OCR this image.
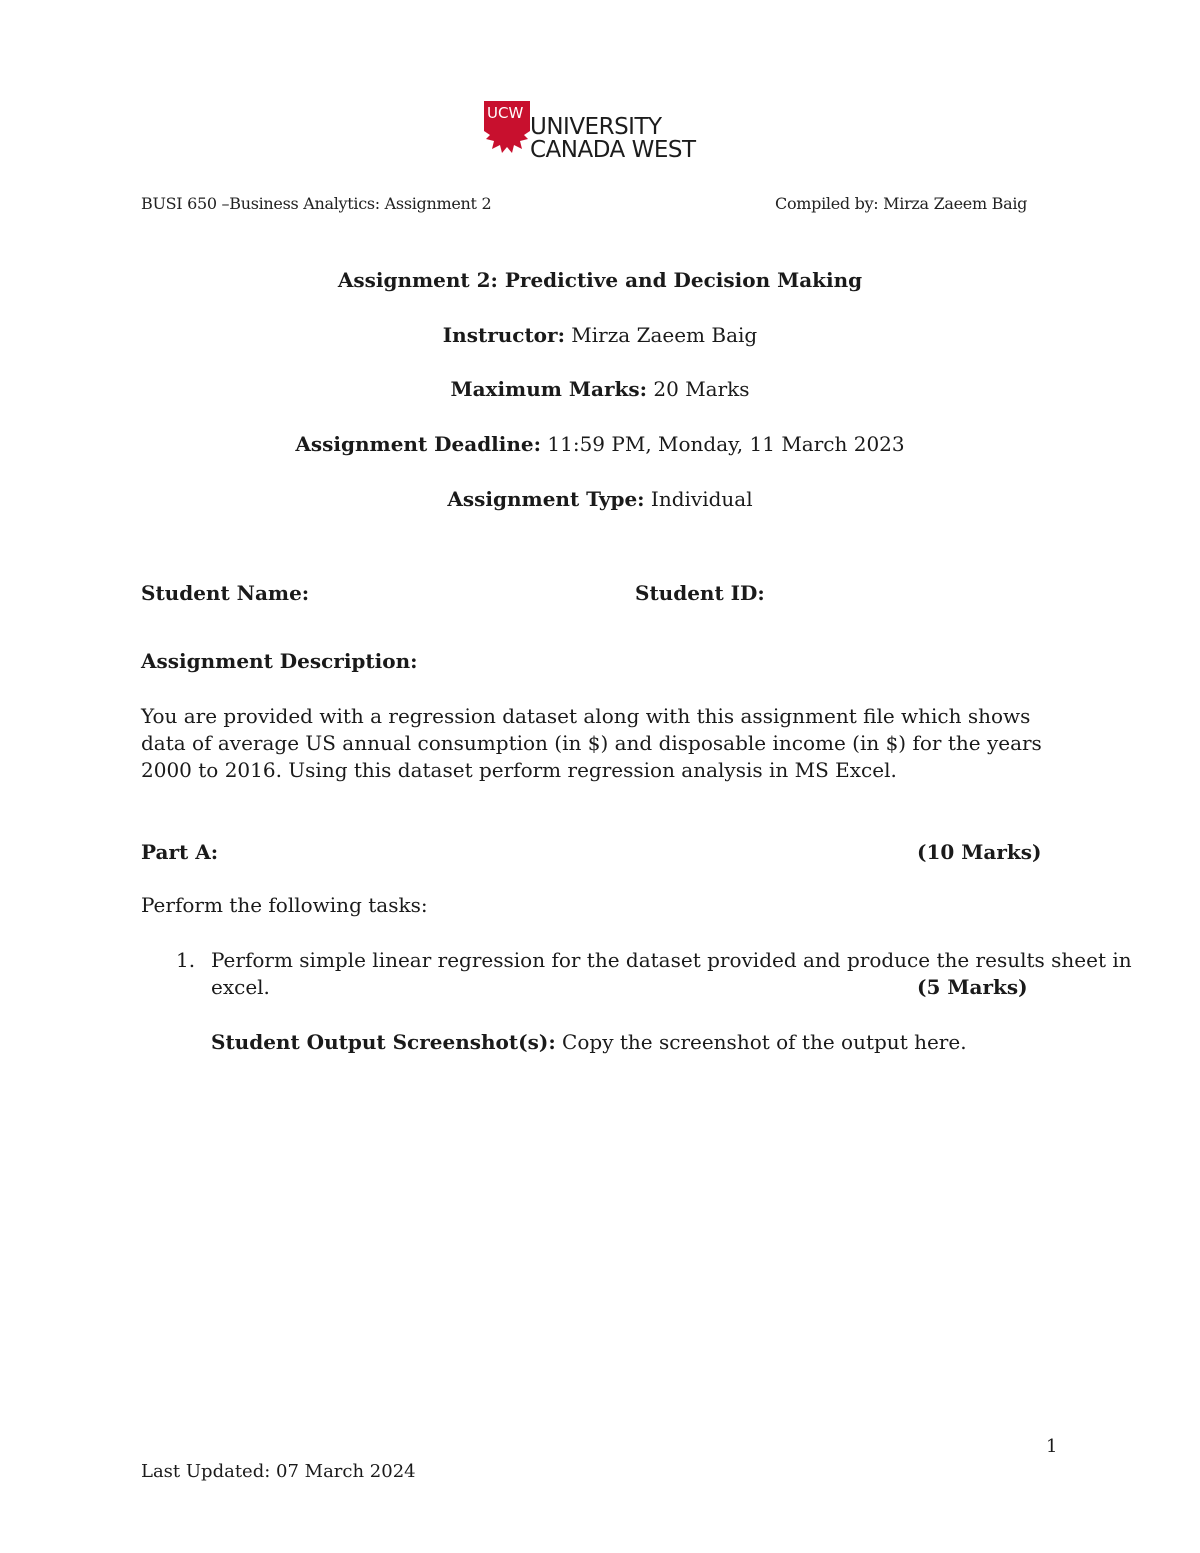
UCW
UNIVERSITY
CANADA WEST
BUSI 650 –Business Analytics: Assignment 2	Compiled by: Mirza Zaeem Baig
Assignment 2: Predictive and Decision Making
Instructor: Mirza Zaeem Baig
Maximum Marks: 20 Marks
Assignment Deadline: 11:59 PM, Monday, 11 March 2023
Assignment Type: Individual
Student Name:	Student ID:
Assignment Description:
You are provided with a regression dataset along with this assignment file which shows data of average US annual consumption (in $) and disposable income (in $) for the years 2000 to 2016. Using this dataset perform regression analysis in MS Excel.
Part A:	(10 Marks)
Perform the following tasks:
1. Perform simple linear regression for the dataset provided and produce the results sheet in
excel.	(5 Marks)
Student Output Screenshot(s): Copy the screenshot of the output here.
1
Last Updated: 07 March 2024
